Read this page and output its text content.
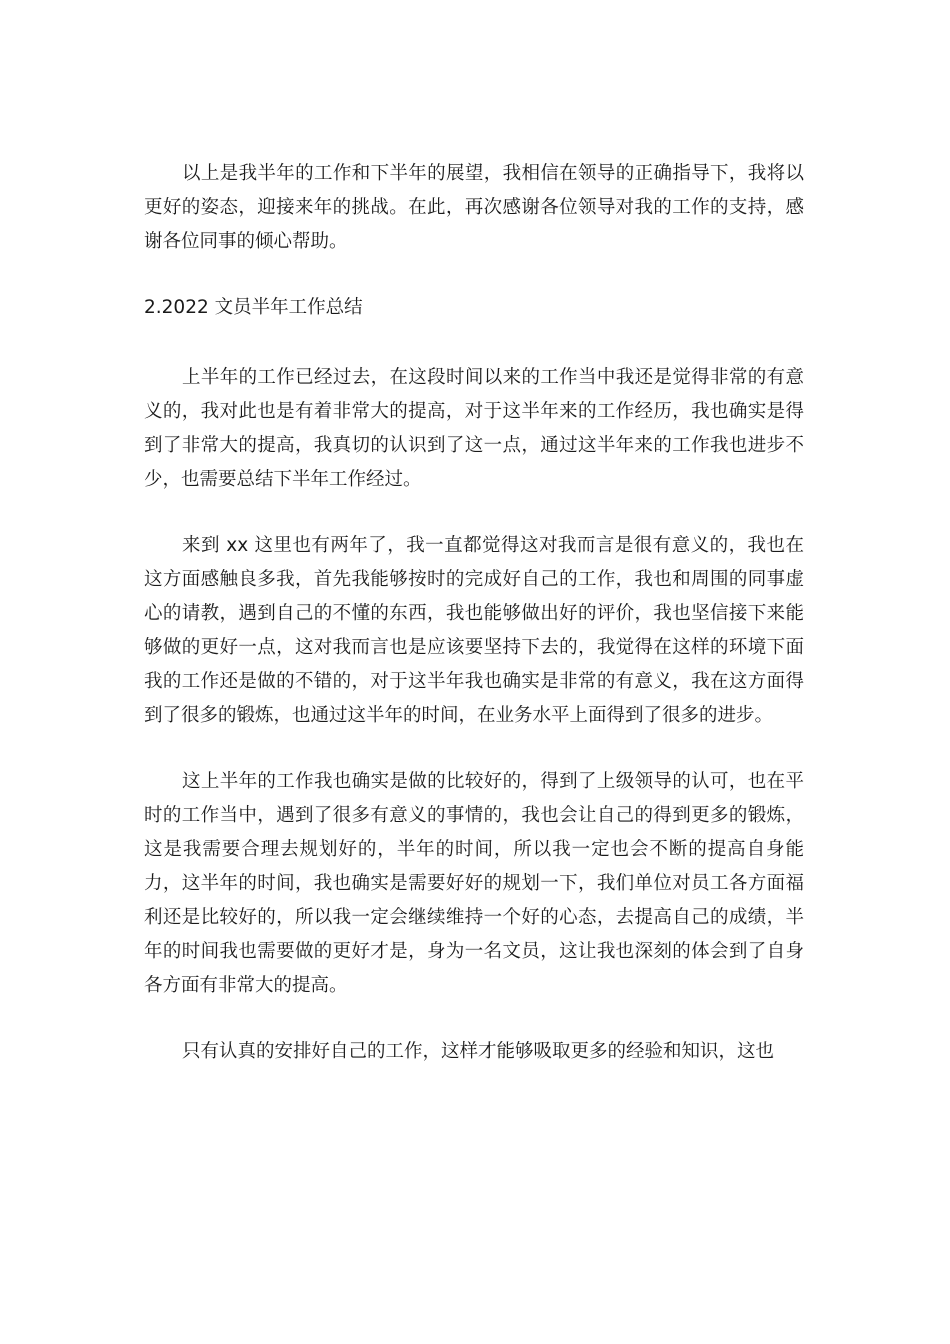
以上是我半年的工作和下半年的展望，我相信在领导的正确指导下，我将以更好的姿态，迎接来年的挑战。在此，再次感谢各位领导对我的工作的支持，感谢各位同事的倾心帮助。

2.2022 文员半年工作总结

上半年的工作已经过去，在这段时间以来的工作当中我还是觉得非常的有意义的，我对此也是有着非常大的提高，对于这半年来的工作经历，我也确实是得到了非常大的提高，我真切的认识到了这一点，通过这半年来的工作我也进步不少，也需要总结下半年工作经过。

来到 xx 这里也有两年了，我一直都觉得这对我而言是很有意义的，我也在这方面感触良多我，首先我能够按时的完成好自己的工作，我也和周围的同事虚心的请教，遇到自己的不懂的东西，我也能够做出好的评价，我也坚信接下来能够做的更好一点，这对我而言也是应该要坚持下去的，我觉得在这样的环境下面我的工作还是做的不错的，对于这半年我也确实是非常的有意义，我在这方面得到了很多的锻炼，也通过这半年的时间，在业务水平上面得到了很多的进步。

这上半年的工作我也确实是做的比较好的，得到了上级领导的认可，也在平时的工作当中，遇到了很多有意义的事情的，我也会让自己的得到更多的锻炼，这是我需要合理去规划好的，半年的时间，所以我一定也会不断的提高自身能力，这半年的时间，我也确实是需要好好的规划一下，我们单位对员工各方面福利还是比较好的，所以我一定会继续维持一个好的心态，去提高自己的成绩，半年的时间我也需要做的更好才是，身为一名文员，这让我也深刻的体会到了自身各方面有非常大的提高。

只有认真的安排好自己的工作，这样才能够吸取更多的经验和知识，这也
